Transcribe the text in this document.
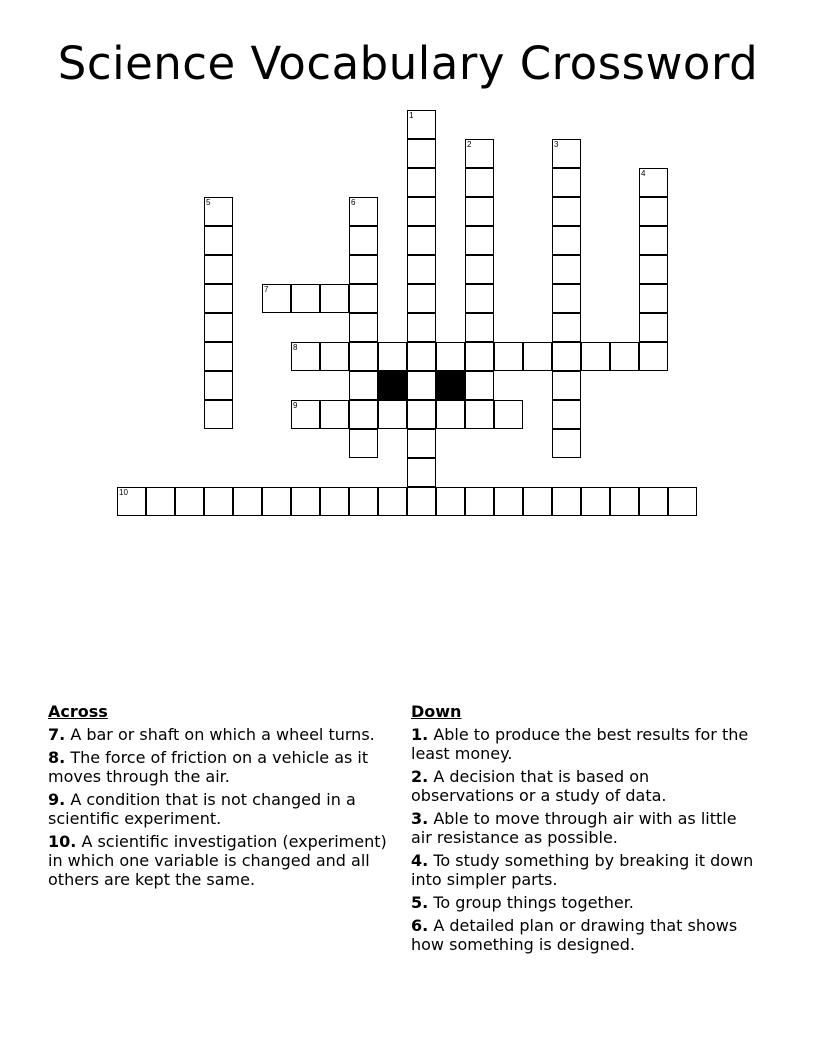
Science Vocabulary Crossword
1
2	3
4
5	6
7
8
9
10
Across
7. A bar or shaft on which a wheel turns.
8. The force of friction on a vehicle as it moves through the air.
9. A condition that is not changed in a scientific experiment.
10. A scientific investigation (experiment) in which one variable is changed and all others are kept the same.
Down
1. Able to produce the best results for the least money.
2. A decision that is based on observations or a study of data.
3. Able to move through air with as little air resistance as possible.
4. To study something by breaking it down into simpler parts.
5. To group things together.
6. A detailed plan or drawing that shows how something is designed.
